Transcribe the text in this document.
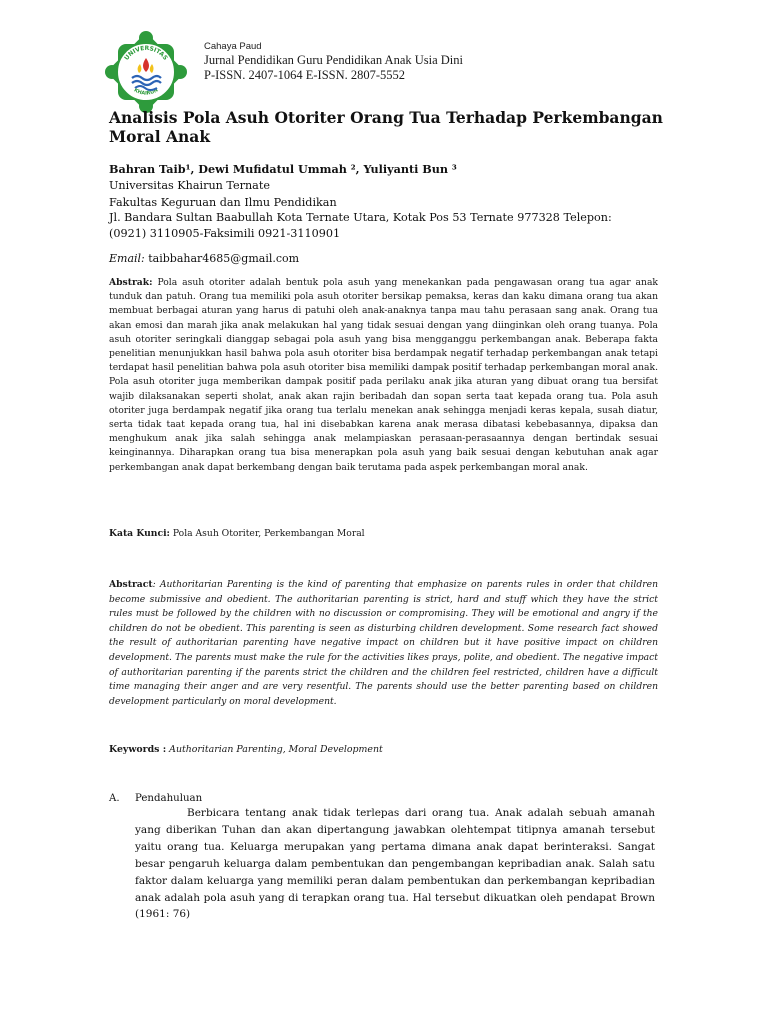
UNIVERSITAS
KHAIRUN
Cahaya Paud
Jurnal Pendidikan Guru Pendidikan Anak Usia Dini
P-ISSN. 2407-1064 E-ISSN. 2807-5552
Analisis Pola Asuh Otoriter Orang Tua Terhadap Perkembangan Moral Anak
Bahran Taib¹, Dewi Mufidatul Ummah ², Yuliyanti Bun ³
Universitas Khairun Ternate
Fakultas Keguruan dan Ilmu Pendidikan
Jl. Bandara Sultan Baabullah Kota Ternate Utara, Kotak Pos 53 Ternate 977328 Telepon:
(0921) 3110905-Faksimili 0921-3110901
Email: taibbahar4685@gmail.com
Abstrak: Pola asuh otoriter adalah bentuk pola asuh yang menekankan pada pengawasan orang tua agar anak tunduk dan patuh. Orang tua memiliki pola asuh otoriter bersikap pemaksa, keras dan kaku dimana orang tua akan membuat berbagai aturan yang harus di patuhi oleh anak-anaknya tanpa mau tahu perasaan sang anak. Orang tua akan emosi dan marah jika anak melakukan hal yang tidak sesuai dengan yang diinginkan oleh orang tuanya. Pola asuh otoriter seringkali dianggap sebagai pola asuh yang bisa mengganggu perkembangan anak. Beberapa fakta penelitian menunjukkan hasil bahwa pola asuh otoriter bisa berdampak negatif terhadap perkembangan anak tetapi terdapat hasil penelitian bahwa pola asuh otoriter bisa memiliki dampak positif terhadap perkembangan moral anak. Pola asuh otoriter juga memberikan dampak positif pada perilaku anak jika aturan yang dibuat orang tua bersifat wajib dilaksanakan seperti sholat, anak akan rajin beribadah dan sopan serta taat kepada orang tua. Pola asuh otoriter juga berdampak negatif jika orang tua terlalu menekan anak sehingga menjadi keras kepala, susah diatur, serta tidak taat kepada orang tua, hal ini disebabkan karena anak merasa dibatasi kebebasannya, dipaksa dan menghukum anak jika salah sehingga anak melampiaskan perasaan-perasaannya dengan bertindak sesuai keinginannya. Diharapkan orang tua bisa menerapkan pola asuh yang baik sesuai dengan kebutuhan anak agar perkembangan anak dapat berkembang dengan baik terutama pada aspek perkembangan moral anak.
Kata Kunci: Pola Asuh Otoriter, Perkembangan Moral
Abstract: Authoritarian Parenting is the kind of parenting that emphasize on parents rules in order that children become submissive and obedient. The authoritarian parenting is strict, hard and stuff which they have the strict rules must be followed by the children with no discussion or compromising. They will be emotional and angry if the children do not be obedient. This parenting is seen as disturbing children development. Some research fact showed the result of authoritarian parenting have negative impact on children but it have positive impact on children development. The parents must make the rule for the activities likes prays, polite, and obedient. The negative impact of authoritarian parenting if the parents strict the children and the children feel restricted, children have a difficult time managing their anger and are very resentful. The parents should use the better parenting based on children development particularly on moral development.
Keywords : Authoritarian Parenting, Moral Development
A. Pendahuluan

Berbicara tentang anak tidak terlepas dari orang tua. Anak adalah sebuah amanah yang diberikan Tuhan dan akan dipertangung jawabkan olehtempat titipnya amanah tersebut yaitu orang tua. Keluarga merupakan yang pertama dimana anak dapat berinteraksi. Sangat besar pengaruh keluarga dalam pembentukan dan pengembangan kepribadian anak. Salah satu faktor dalam keluarga yang memiliki peran dalam pembentukan dan perkembangan kepribadian anak adalah pola asuh yang di terapkan orang tua. Hal tersebut dikuatkan oleh pendapat Brown (1961: 76)
